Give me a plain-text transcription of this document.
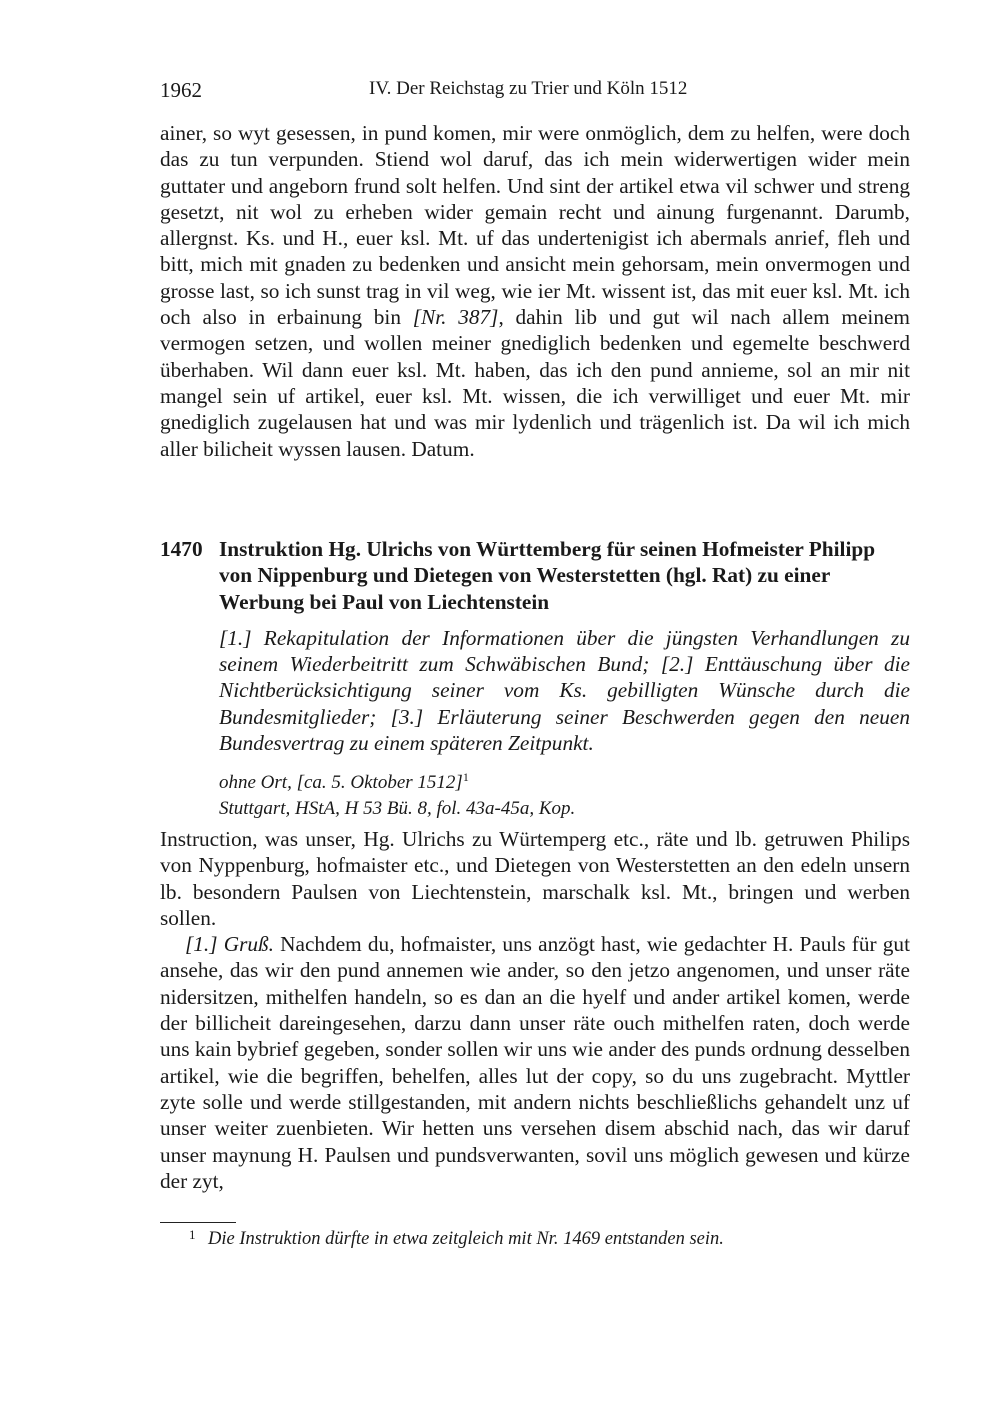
1962	IV. Der Reichstag zu Trier und Köln 1512

ainer, so wyt gesessen, in pund komen, mir were onmöglich, dem zu helfen, were doch das zu tun verpunden. Stiend wol daruf, das ich mein widerwertigen wider mein guttater und angeborn frund solt helfen. Und sint der artikel etwa vil schwer und streng gesetzt, nit wol zu erheben wider gemain recht und ainung furgenannt. Darumb, allergnst. Ks. und H., euer ksl. Mt. uf das undertenigist ich abermals anrief, fleh und bitt, mich mit gnaden zu bedenken und ansicht mein gehorsam, mein onvermogen und grosse last, so ich sunst trag in vil weg, wie ier Mt. wissent ist, das mit euer ksl. Mt. ich och also in erbainung bin [Nr. 387], dahin lib und gut wil nach allem meinem vermogen setzen, und wollen meiner gnediglich bedenken und egemelte beschwerd überhaben. Wil dann euer ksl. Mt. haben, das ich den pund annieme, sol an mir nit mangel sein uf artikel, euer ksl. Mt. wissen, die ich verwilliget und euer Mt. mir gnediglich zugelausen hat und was mir lydenlich und trägenlich ist. Da wil ich mich aller bilicheit wyssen lausen. Datum.

1470 Instruktion Hg. Ulrichs von Württemberg für seinen Hofmeister Philipp von Nippenburg und Dietegen von Westerstetten (hgl. Rat) zu einer Werbung bei Paul von Liechtenstein
[1.] Rekapitulation der Informationen über die jüngsten Verhandlungen zu seinem Wiederbeitritt zum Schwäbischen Bund; [2.] Enttäuschung über die Nichtberücksichtigung seiner vom Ks. gebilligten Wünsche durch die Bundesmitglieder; [3.] Erläuterung seiner Beschwerden gegen den neuen Bundesvertrag zu einem späteren Zeitpunkt.
ohne Ort, [ca. 5. Oktober 1512]$^1$
Stuttgart, HStA, H 53 Bü. 8, fol. 43a-45a, Kop.

Instruction, was unser, Hg. Ulrichs zu Würtemperg etc., räte und lb. getruwen Philips von Nyppenburg, hofmaister etc., und Dietegen von Westerstetten an den edeln unsern lb. besondern Paulsen von Liechtenstein, marschalk ksl. Mt., bringen und werben sollen.

[1.] Gruß. Nachdem du, hofmaister, uns anzögt hast, wie gedachter H. Pauls für gut ansehe, das wir den pund annemen wie ander, so den jetzo angenomen, und unser räte nidersitzen, mithelfen handeln, so es dan an die hyelf und ander artikel komen, werde der billicheit dareingesehen, darzu dann unser räte ouch mithelfen raten, doch werde uns kain bybrief gegeben, sonder sollen wir uns wie ander des punds ordnung desselben artikel, wie die begriffen, behelfen, alles lut der copy, so du uns zugebracht. Myttler zyte solle und werde stillgestanden, mit andern nichts beschließlichs gehandelt unz uf unser weiter zuenbieten. Wir hetten uns versehen disem abschid nach, das wir daruf unser maynung H. Paulsen und pundsverwanten, sovil uns möglich gewesen und kürze der zyt,

1 Die Instruktion dürfte in etwa zeitgleich mit Nr. 1469 entstanden sein.
